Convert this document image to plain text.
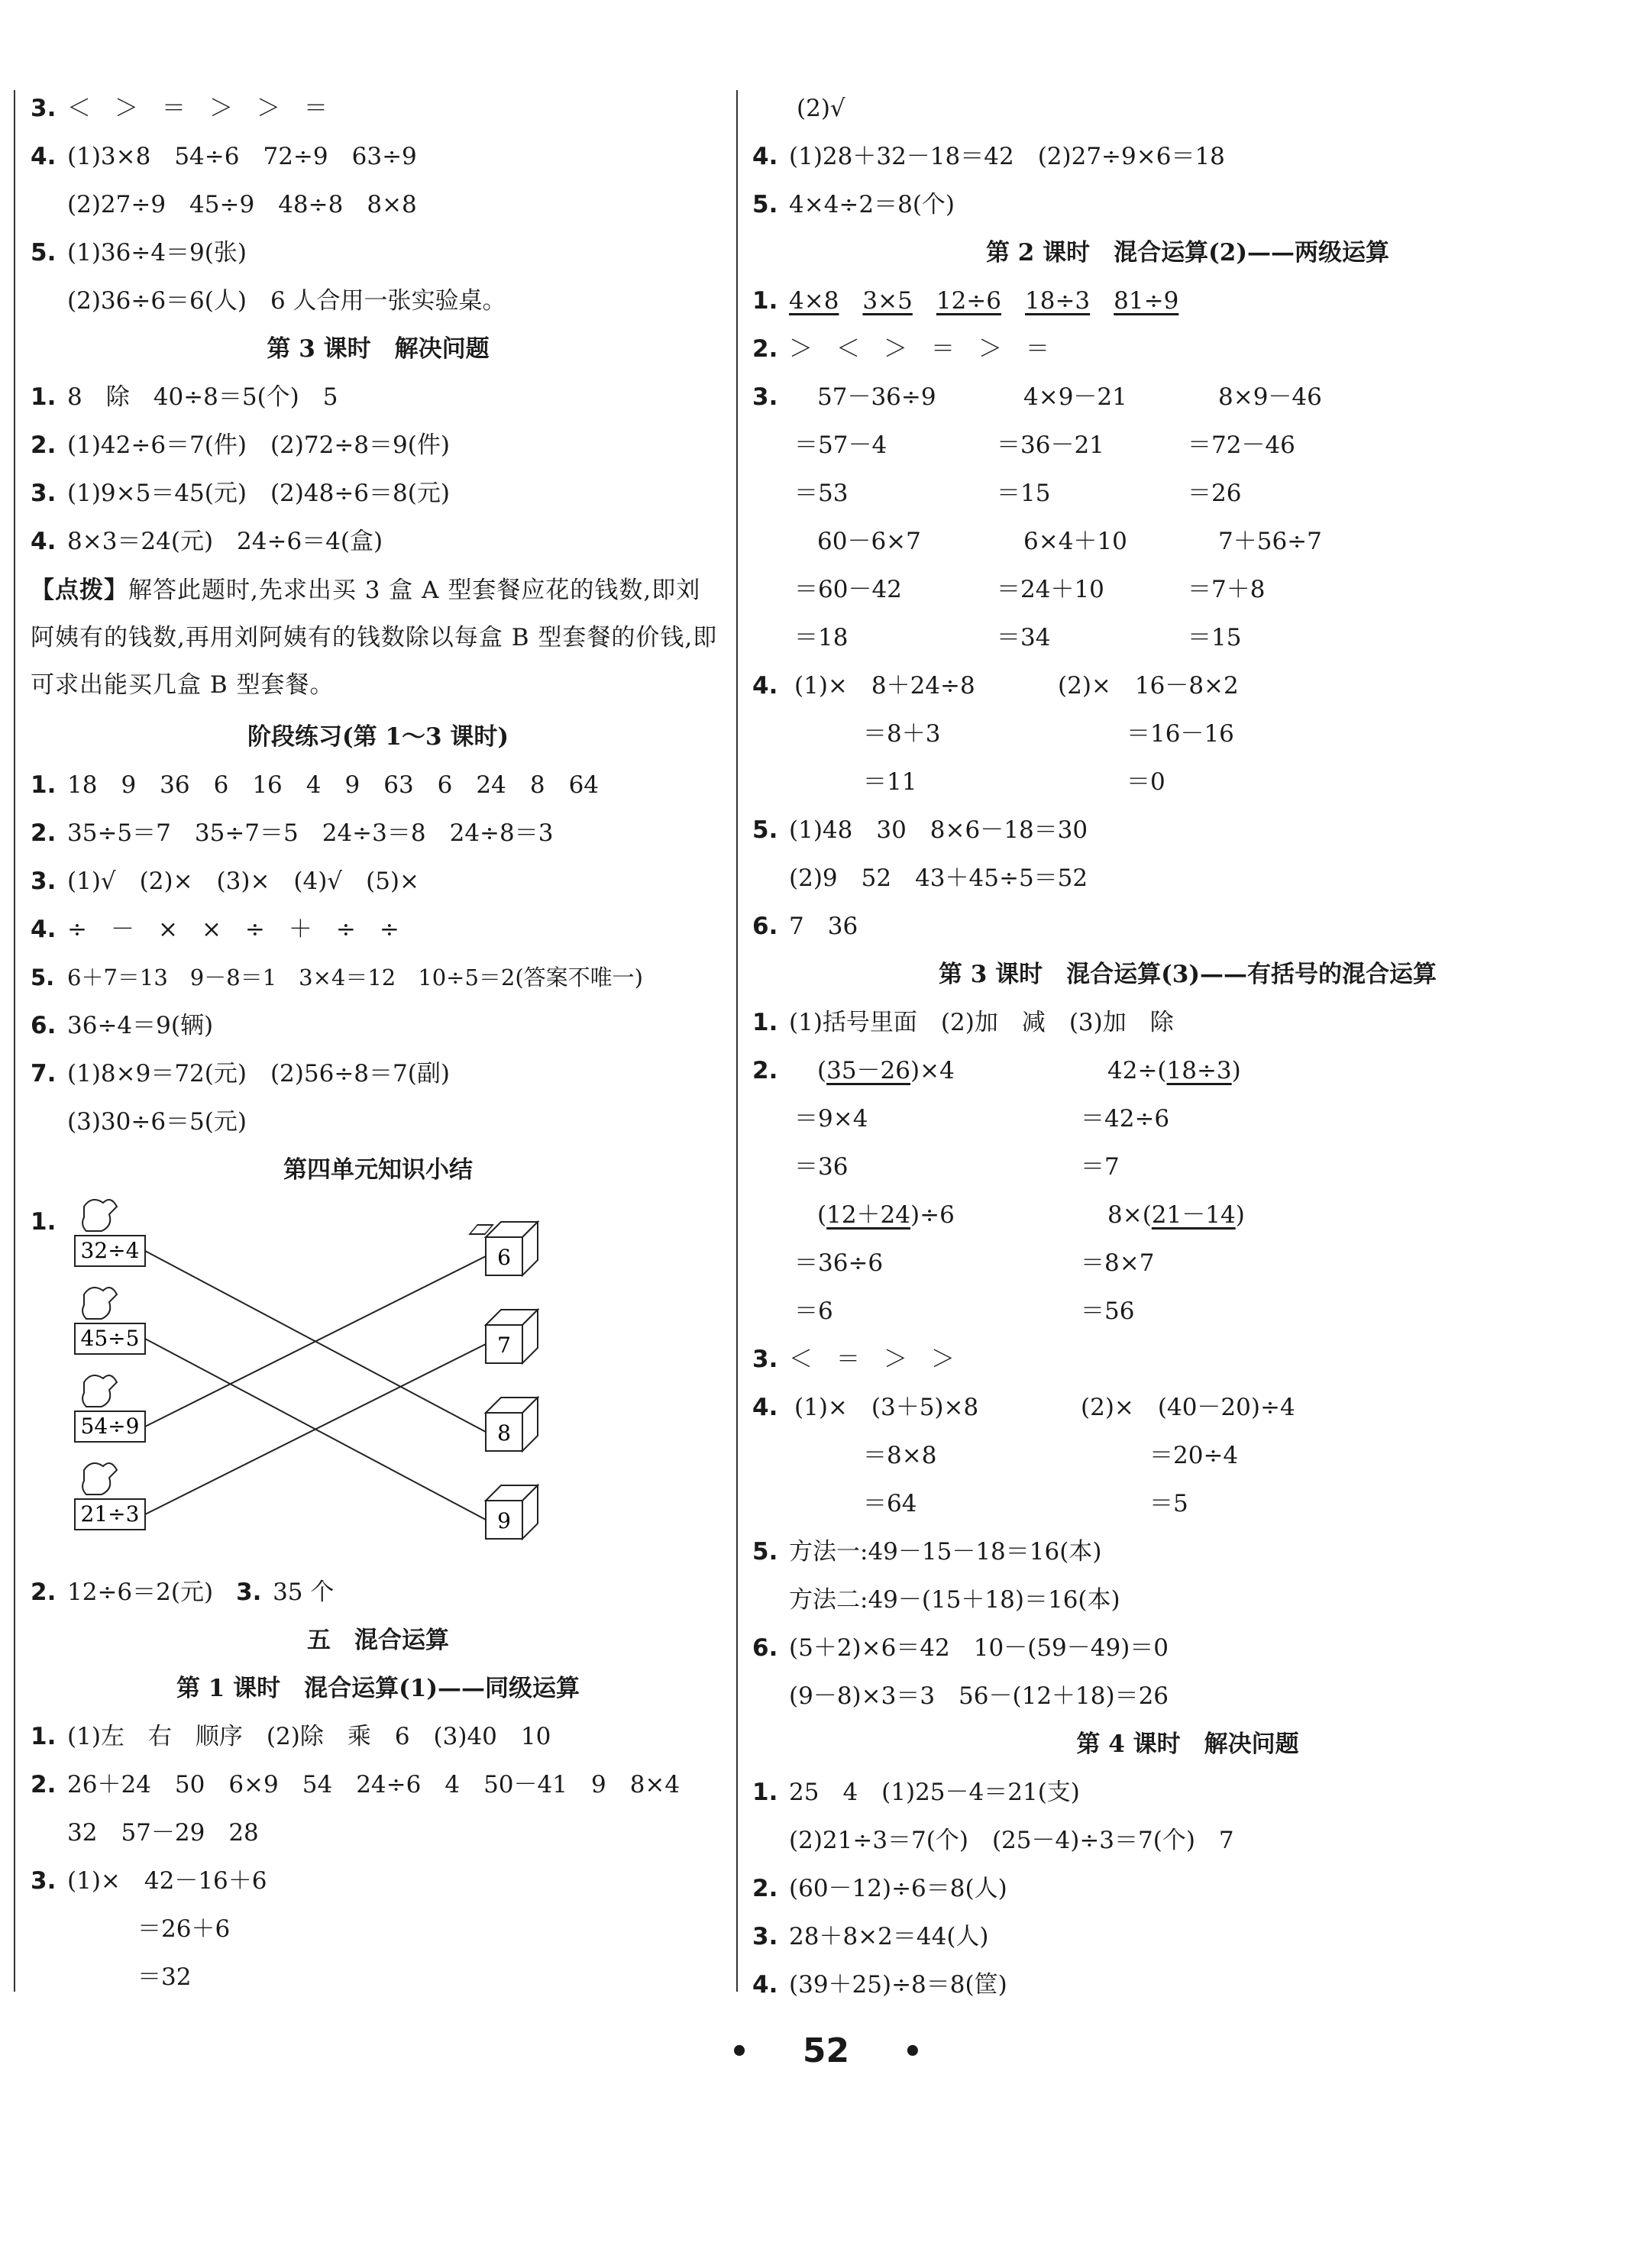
3. ＜　＞　＝　＞　＞　＝
4. (1)3×8　54÷6　72÷9　63÷9
(2)27÷9　45÷9　48÷8　8×8
5. (1)36÷4＝9(张)
(2)36÷6＝6(人)　6 人合用一张实验桌。
第 3 课时　解决问题
1. 8　除　40÷8＝5(个)　5
2. (1)42÷6＝7(件)　(2)72÷8＝9(件)
3. (1)9×5＝45(元)　(2)48÷6＝8(元)
4. 8×3＝24(元)　24÷6＝4(盒)
【点拨】解答此题时,先求出买 3 盒 A 型套餐应花的钱数,即刘阿姨有的钱数,再用刘阿姨有的钱数除以每盒 B 型套餐的价钱,即可求出能买几盒 B 型套餐。
阶段练习(第 1～3 课时)
1. 18　9　36　6　16　4　9　63　6　24　8　64
2. 35÷5＝7　35÷7＝5　24÷3＝8　24÷8＝3
3. (1)√　(2)×　(3)×　(4)√　(5)×
4. ÷　－　×　×　÷　＋　÷　÷
5. 6＋7＝13　9－8＝1　3×4＝12　10÷5＝2(答案不唯一)
6. 36÷4＝9(辆)
7. (1)8×9＝72(元)　(2)56÷8＝7(副)
(3)30÷6＝5(元)
第四单元知识小结
1.
2. 12÷6＝2(元) 3. 35 个
五　混合运算
第 1 课时　混合运算(1)——同级运算
1. (1)左　右　顺序　(2)除　乘　6　(3)40　10
2. 26＋24　50　6×9　54　24÷6　4　50－41　9　8×4
32　57－29　28
3. (1)×　42－16＋6
＝26＋6
＝32
32÷4
45÷5
54÷9
21÷3
6
7
8
9
(2)√
4. (1)28＋32－18＝42　(2)27÷9×6＝18
5. 4×4÷2＝8(个)
第 2 课时　混合运算(2)——两级运算
1. 4×8　 3×5　 12÷6　 18÷3　 81÷9
2. ＞　＜　＞　＝　＞　＝
3.	57－36÷9	4×9－21	8×9－46
＝57－4	＝36－21	＝72－46
＝53	＝15	＝26
60－6×7	6×4＋10	7＋56÷7
＝60－42	＝24＋10	＝7＋8
＝18	＝34	＝15
4. (1)×　8＋24÷8	(2)×　16－8×2
＝8＋3	＝16－16
＝11	＝0
5. (1)48　30　8×6－18＝30
(2)9　52　43＋45÷5＝52
6. 7　36
第 3 课时　混合运算(3)——有括号的混合运算
1. (1)括号里面　(2)加　减　(3)加　除
2.	(35－26)×4	42÷(18÷3)
＝9×4	＝42÷6
＝36	＝7
(12＋24)÷6	8×(21－14)
＝36÷6	＝8×7
＝6	＝56
3. ＜　＝　＞　＞
4. (1)×　(3＋5)×8	(2)×　(40－20)÷4
＝8×8	＝20÷4
＝64	＝5
5. 方法一:49－15－18＝16(本)
方法二:49－(15＋18)＝16(本)
6. (5＋2)×6＝42　10－(59－49)＝0
(9－8)×3＝3　56－(12＋18)＝26
第 4 课时　解决问题
1. 25　4　(1)25－4＝21(支)
(2)21÷3＝7(个)　(25－4)÷3＝7(个)　7
2. (60－12)÷6＝8(人)
3. 28＋8×2＝44(人)
4. (39＋25)÷8＝8(筐)
• 52 •
